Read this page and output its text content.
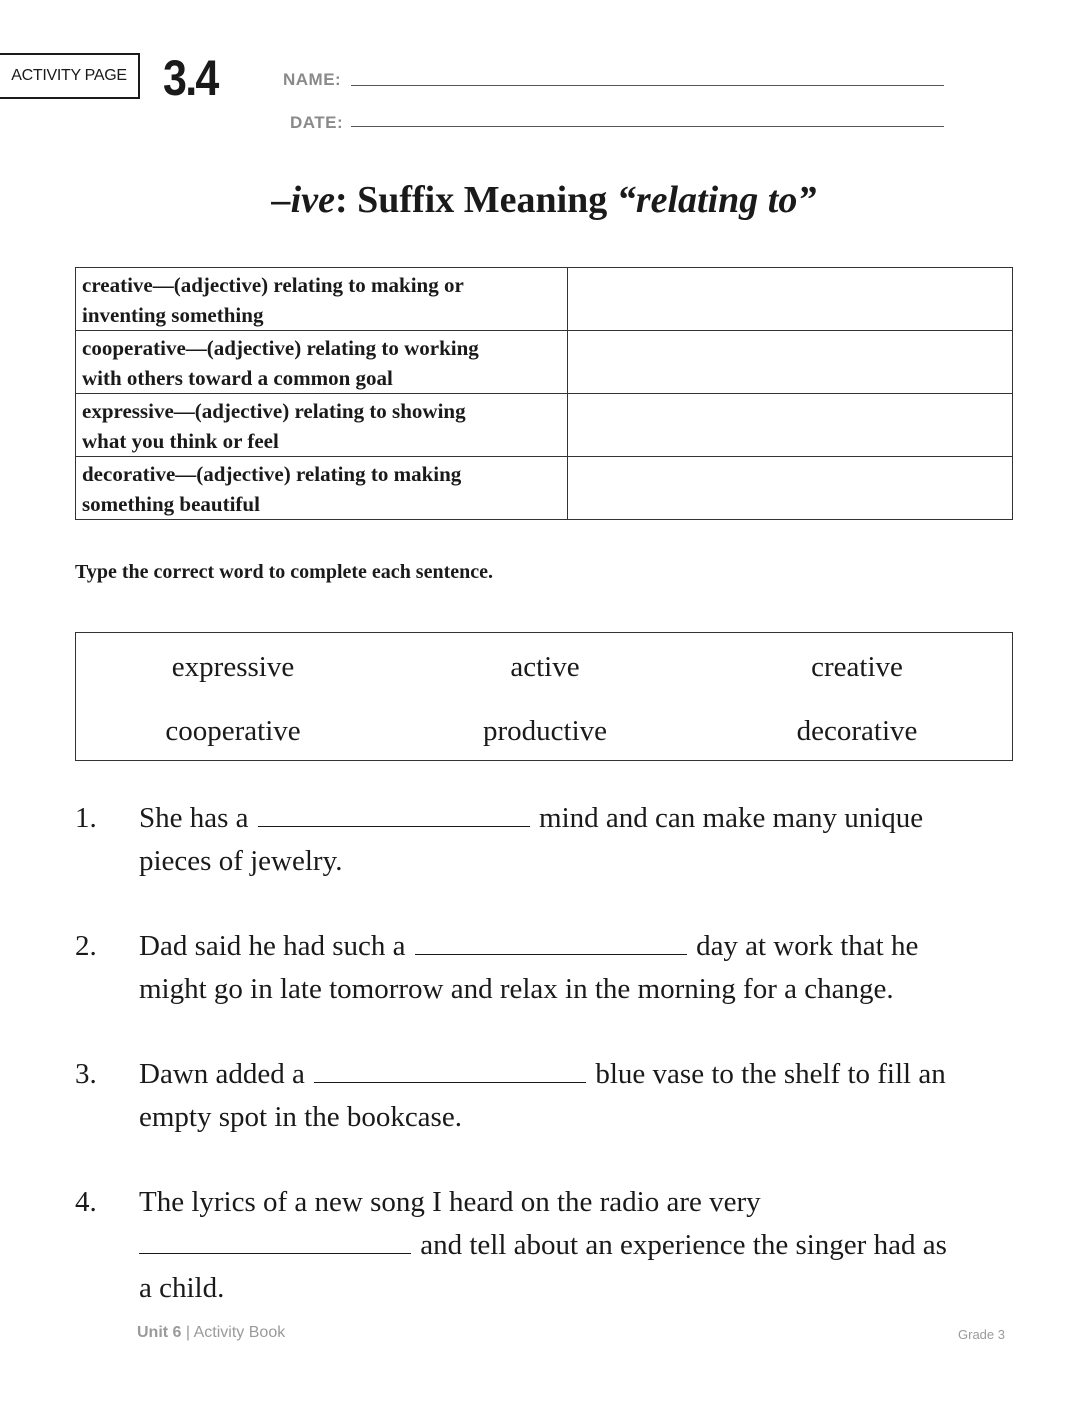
ACTIVITY PAGE 3.4	NAME:
DATE:
–ive: Suffix Meaning “relating to”
creative—(adjective) relating to making or
inventing something	
cooperative—(adjective) relating to working
with others toward a common goal	
expressive—(adjective) relating to showing
what you think or feel	
decorative—(adjective) relating to making
something beautiful	
Type the correct word to complete each sentence.
expressive	active	creative
cooperative	productive	decorative
1. She has a	mind and can make many unique
pieces of jewelry.
2. Dad said he had such a	day at work that he
might go in late tomorrow and relax in the morning for a change.
3. Dawn added a	blue vase to the shelf to fill an
empty spot in the bookcase.
4. The lyrics of a new song I heard on the radio are very
and tell about an experience the singer had as
a child.
Unit 6 | Activity Book	Grade 3
